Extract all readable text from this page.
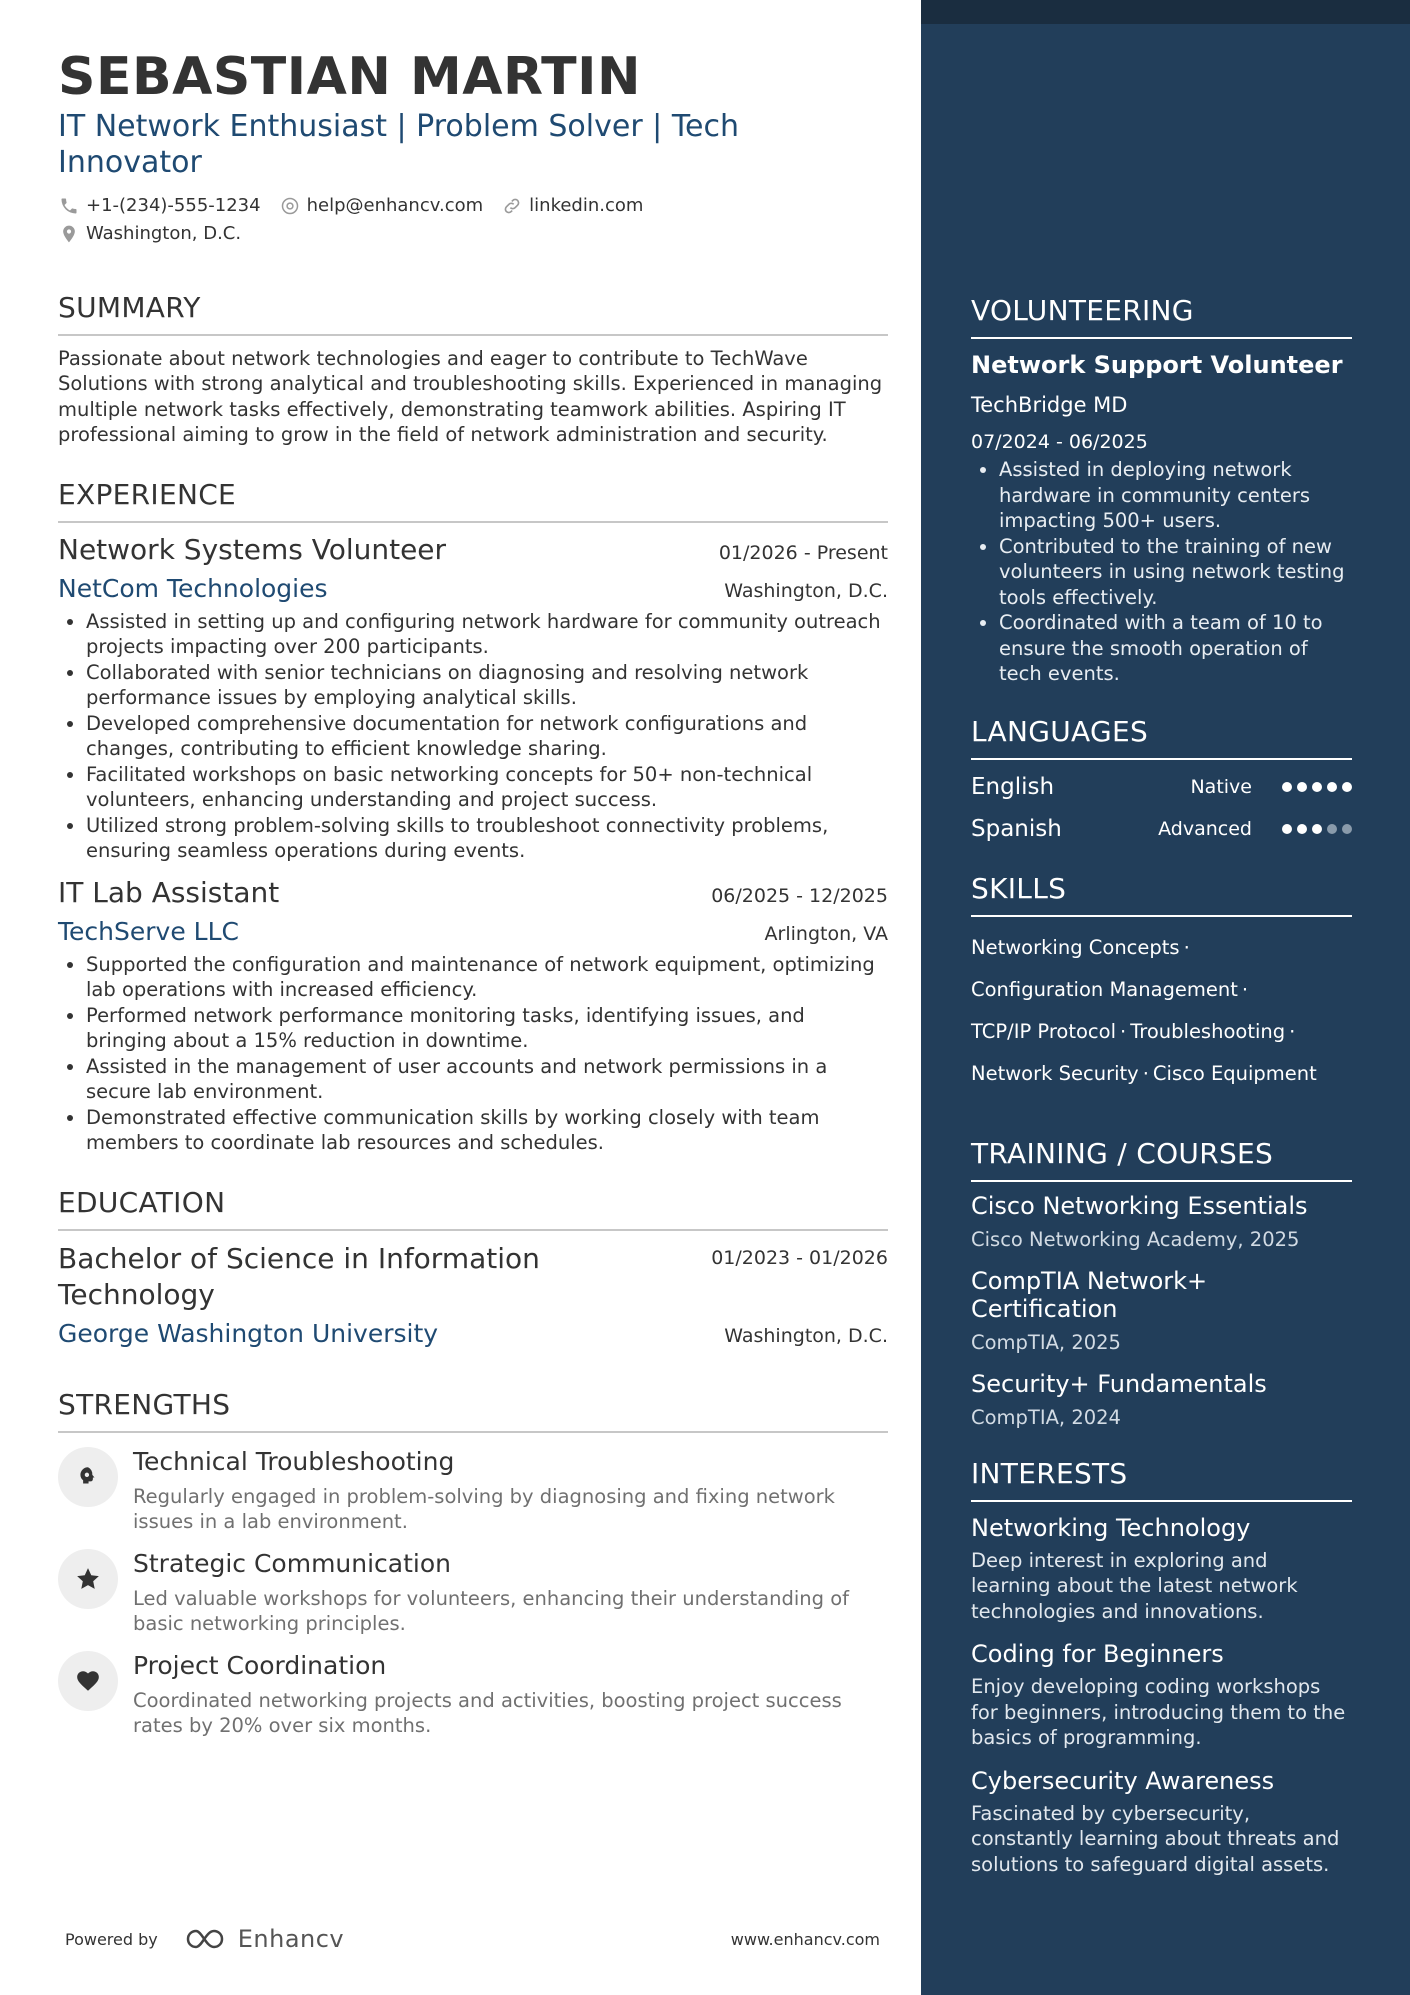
SEBASTIAN MARTIN
IT Network Enthusiast | Problem Solver | Tech Innovator
+1-(234)-555-1234	help@enhancv.com	linkedin.com
Washington, D.C.
SUMMARY
Passionate about network technologies and eager to contribute to TechWave Solutions with strong analytical and troubleshooting skills. Experienced in managing multiple network tasks effectively, demonstrating teamwork abilities. Aspiring IT professional aiming to grow in the field of network administration and security.
EXPERIENCE
Network Systems Volunteer	01/2026 - Present
NetCom Technologies	Washington, D.C.
• Assisted in setting up and configuring network hardware for community outreach projects impacting over 200 participants.
• Collaborated with senior technicians on diagnosing and resolving network performance issues by employing analytical skills.
• Developed comprehensive documentation for network configurations and changes, contributing to efficient knowledge sharing.
• Facilitated workshops on basic networking concepts for 50+ non-technical volunteers, enhancing understanding and project success.
• Utilized strong problem-solving skills to troubleshoot connectivity problems, ensuring seamless operations during events.
IT Lab Assistant	06/2025 - 12/2025
TechServe LLC	Arlington, VA
• Supported the configuration and maintenance of network equipment, optimizing lab operations with increased efficiency.
• Performed network performance monitoring tasks, identifying issues, and bringing about a 15% reduction in downtime.
• Assisted in the management of user accounts and network permissions in a secure lab environment.
• Demonstrated effective communication skills by working closely with team members to coordinate lab resources and schedules.
EDUCATION
Bachelor of Science in Information Technology
01/2023 - 01/2026
George Washington University	Washington, D.C.
STRENGTHS
Technical Troubleshooting
Regularly engaged in problem-solving by diagnosing and fixing network issues in a lab environment.
Strategic Communication
Led valuable workshops for volunteers, enhancing their understanding of basic networking principles.
Project Coordination
Coordinated networking projects and activities, boosting project success rates by 20% over six months.
Powered by	Enhancv	www.enhancv.com
VOLUNTEERING
Network Support Volunteer
TechBridge MD
07/2024 - 06/2025
• Assisted in deploying network hardware in community centers impacting 500+ users.
• Contributed to the training of new volunteers in using network testing tools effectively.
• Coordinated with a team of 10 to ensure the smooth operation of tech events.
LANGUAGES
English	Native
Spanish	Advanced
SKILLS
Networking Concepts ·
Configuration Management ·
TCP/IP Protocol · Troubleshooting ·
Network Security · Cisco Equipment
TRAINING / COURSES
Cisco Networking Essentials
Cisco Networking Academy, 2025
CompTIA Network+ Certification
CompTIA, 2025
Security+ Fundamentals
CompTIA, 2024
INTERESTS
Networking Technology
Deep interest in exploring and learning about the latest network technologies and innovations.
Coding for Beginners
Enjoy developing coding workshops for beginners, introducing them to the basics of programming.
Cybersecurity Awareness
Fascinated by cybersecurity, constantly learning about threats and solutions to safeguard digital assets.
